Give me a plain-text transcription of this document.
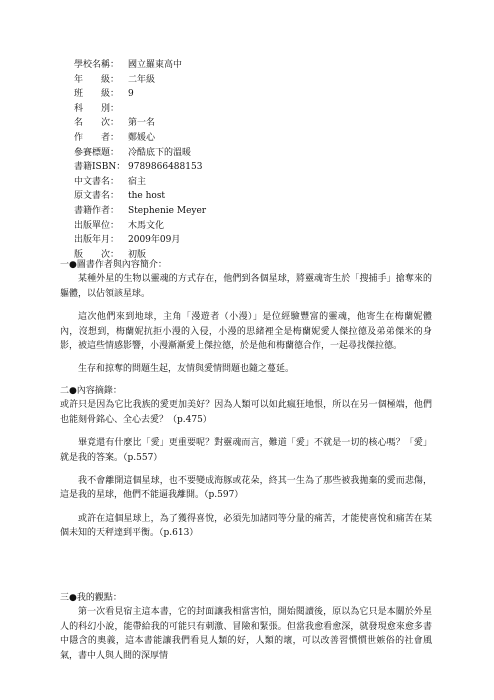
學校名稱： 國立羅東高中
年　　級： 二年級
班　　級： 9
科　　別：
名　　次： 第一名
作　　者： 鄭媛心
參賽標題： 冷酷底下的溫暖
書籍ISBN： 9789866488153
中文書名： 宿主
原文書名： the host
書籍作者： Stephenie Meyer
出版單位： 木馬文化
出版年月： 2009年09月
版　　次： 初版
一●圖書作者與內容簡介：

某種外星的生物以靈魂的方式存在，他們到各個星球，將靈魂寄生於「搜捕手」搶奪來的軀體，以佔領該星球。

這次他們來到地球，主角「漫遊者（小漫）」是位經驗豐富的靈魂，他寄生在梅蘭妮體內，沒想到，梅蘭妮抗拒小漫的入侵，小漫的思緒裡全是梅蘭妮愛人傑拉德及弟弟傑米的身影，被這些情感影響，小漫漸漸愛上傑拉德，於是他和梅蘭德合作，一起尋找傑拉德。

生存和掠奪的問題生起，友情與愛情問題也隨之蔓延。

二●內容摘錄：

或許只是因為它比我族的愛更加美好？因為人類可以如此瘋狂地恨，所以在另一個極端，他們也能刻骨銘心、全心去愛？（p.475）

畢竟還有什麼比「愛」更重要呢？對靈魂而言，難道「愛」不就是一切的核心嗎？「愛」就是我的答案。（p.557）

我不會離開這個星球，也不要變成海豚或花朵，終其一生為了那些被我拋棄的愛而悲傷，這是我的星球，他們不能逼我離開。（p.597）

或許在這個星球上，為了獲得喜悅，必須先加諸同等分量的痛苦，才能使喜悅和痛苦在某個未知的天秤達到平衡。（p.613）

三●我的觀點：

第一次看見宿主這本書，它的封面讓我相當害怕，開始閱讀後，原以為它只是本關於外星人的科幻小說，能帶給我的可能只有刺激、冒險和緊張。但當我愈看愈深，就發現愈來愈多書中隱含的奧義，這本書能讓我們看見人類的好，人類的壞，可以改善習慣慣世嫉俗的社會風氣，書中人與人間的深厚情
